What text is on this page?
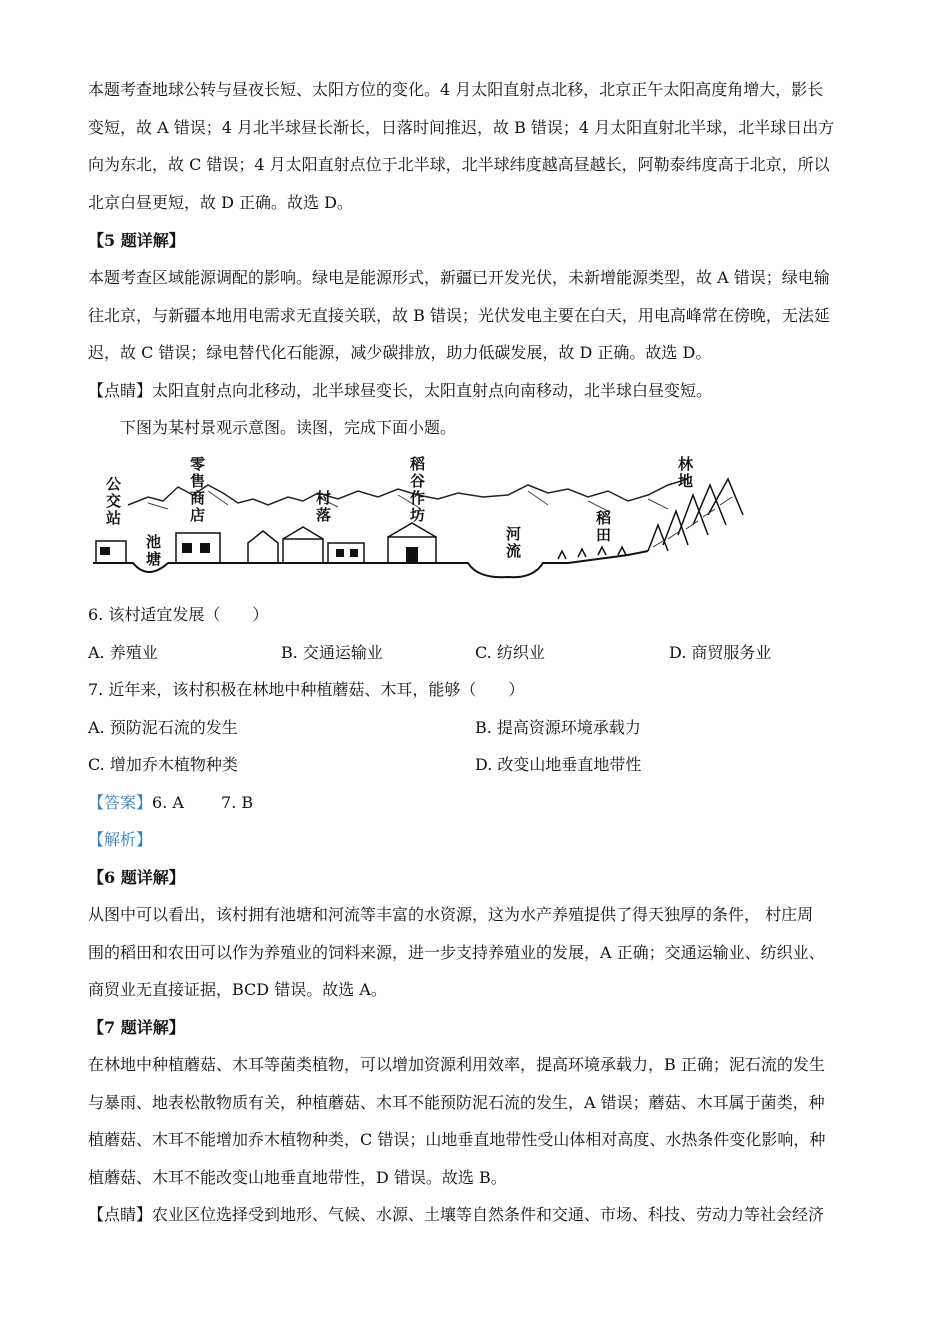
本题考查地球公转与昼夜长短、太阳方位的变化。4 月太阳直射点北移，北京正午太阳高度角增大，影长
变短，故 A 错误；4 月北半球昼长渐长，日落时间推迟，故 B 错误；4 月太阳直射北半球，北半球日出方
向为东北，故 C 错误；4 月太阳直射点位于北半球，北半球纬度越高昼越长，阿勒泰纬度高于北京，所以
北京白昼更短，故 D 正确。故选 D。
【5 题详解】
本题考查区域能源调配的影响。绿电是能源形式，新疆已开发光伏，未新增能源类型，故 A 错误；绿电输
往北京，与新疆本地用电需求无直接关联，故 B 错误；光伏发电主要在白天，用电高峰常在傍晚，无法延
迟，故 C 错误；绿电替代化石能源，减少碳排放，助力低碳发展，故 D 正确。故选 D。
【点睛】太阳直射点向北移动，北半球昼变长，太阳直射点向南移动，北半球白昼变短。
下图为某村景观示意图。读图，完成下面小题。
公交站
零售商店
池塘
村落
稻谷作坊
河流
稻田
林地
6. 该村适宜发展（　　）
A. 养殖业	B. 交通运输业	C. 纺织业	D. 商贸服务业
7. 近年来，该村积极在林地中种植蘑菇、木耳，能够（　　）
A. 预防泥石流的发生	B. 提高资源环境承载力
C. 增加乔木植物种类	D. 改变山地垂直地带性
【答案】6. A　　 7. B
【解析】
【6 题详解】
从图中可以看出，该村拥有池塘和河流等丰富的水资源，这为水产养殖提供了得天独厚的条件， 村庄周
围的稻田和农田可以作为养殖业的饲料来源，进一步支持养殖业的发展，A 正确；交通运输业、纺织业、
商贸业无直接证据，BCD 错误。故选 A。
【7 题详解】
在林地中种植蘑菇、木耳等菌类植物，可以增加资源利用效率，提高环境承载力，B 正确；泥石流的发生
与暴雨、地表松散物质有关，种植蘑菇、木耳不能预防泥石流的发生，A 错误；蘑菇、木耳属于菌类，种
植蘑菇、木耳不能增加乔木植物种类，C 错误；山地垂直地带性受山体相对高度、水热条件变化影响，种
植蘑菇、木耳不能改变山地垂直地带性，D 错误。故选 B。
【点睛】农业区位选择受到地形、气候、水源、土壤等自然条件和交通、市场、科技、劳动力等社会经济
